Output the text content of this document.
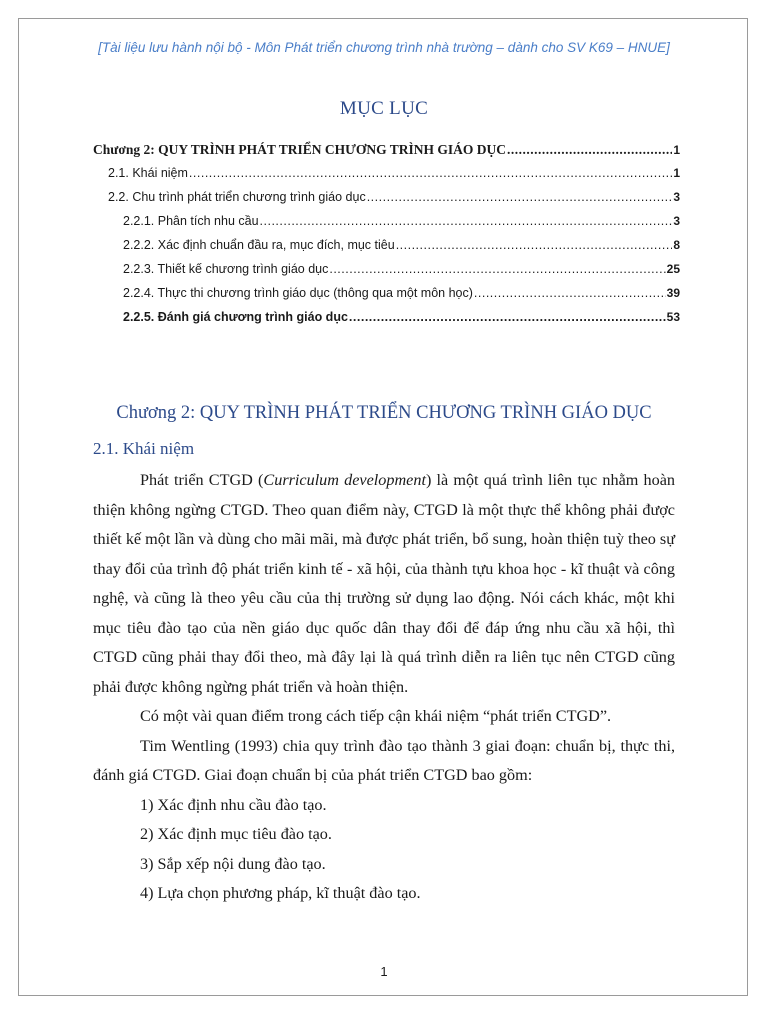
[Tài liệu lưu hành nội bộ - Môn Phát triển chương trình nhà trường – dành cho SV K69 – HNUE]
MỤC LỤC
Chương 2: QUY TRÌNH PHÁT TRIỂN CHƯƠNG TRÌNH GIÁO DỤC .....	1
2.1. Khái niệm .....	1
2.2. Chu trình phát triển chương trình giáo dục .....	3
2.2.1. Phân tích nhu cầu .....	3
2.2.2. Xác định chuẩn đầu ra, mục đích, mục tiêu .....	8
2.2.3. Thiết kế chương trình giáo dục .....	25
2.2.4. Thực thi chương trình giáo dục (thông qua một môn học) .....	39
2.2.5. Đánh giá chương trình giáo dục .....	53
Chương 2: QUY TRÌNH PHÁT TRIỂN CHƯƠNG TRÌNH GIÁO DỤC
2.1. Khái niệm

Phát triển CTGD (Curriculum development) là một quá trình liên tục nhằm hoàn thiện không ngừng CTGD. Theo quan điểm này, CTGD là một thực thể không phải được thiết kế một lần và dùng cho mãi mãi, mà được phát triển, bổ sung, hoàn thiện tuỳ theo sự thay đổi của trình độ phát triển kinh tế - xã hội, của thành tựu khoa học - kĩ thuật và công nghệ, và cũng là theo yêu cầu của thị trường sử dụng lao động. Nói cách khác, một khi mục tiêu đào tạo của nền giáo dục quốc dân thay đổi để đáp ứng nhu cầu xã hội, thì CTGD cũng phải thay đổi theo, mà đây lại là quá trình diễn ra liên tục nên CTGD cũng phải được không ngừng phát triển và hoàn thiện.

Có một vài quan điểm trong cách tiếp cận khái niệm “phát triển CTGD”.

Tim Wentling (1993) chia quy trình đào tạo thành 3 giai đoạn: chuẩn bị, thực thi, đánh giá CTGD. Giai đoạn chuẩn bị của phát triển CTGD bao gồm:

1) Xác định nhu cầu đào tạo.

2) Xác định mục tiêu đào tạo.

3) Sắp xếp nội dung đào tạo.

4) Lựa chọn phương pháp, kĩ thuật đào tạo.

1
